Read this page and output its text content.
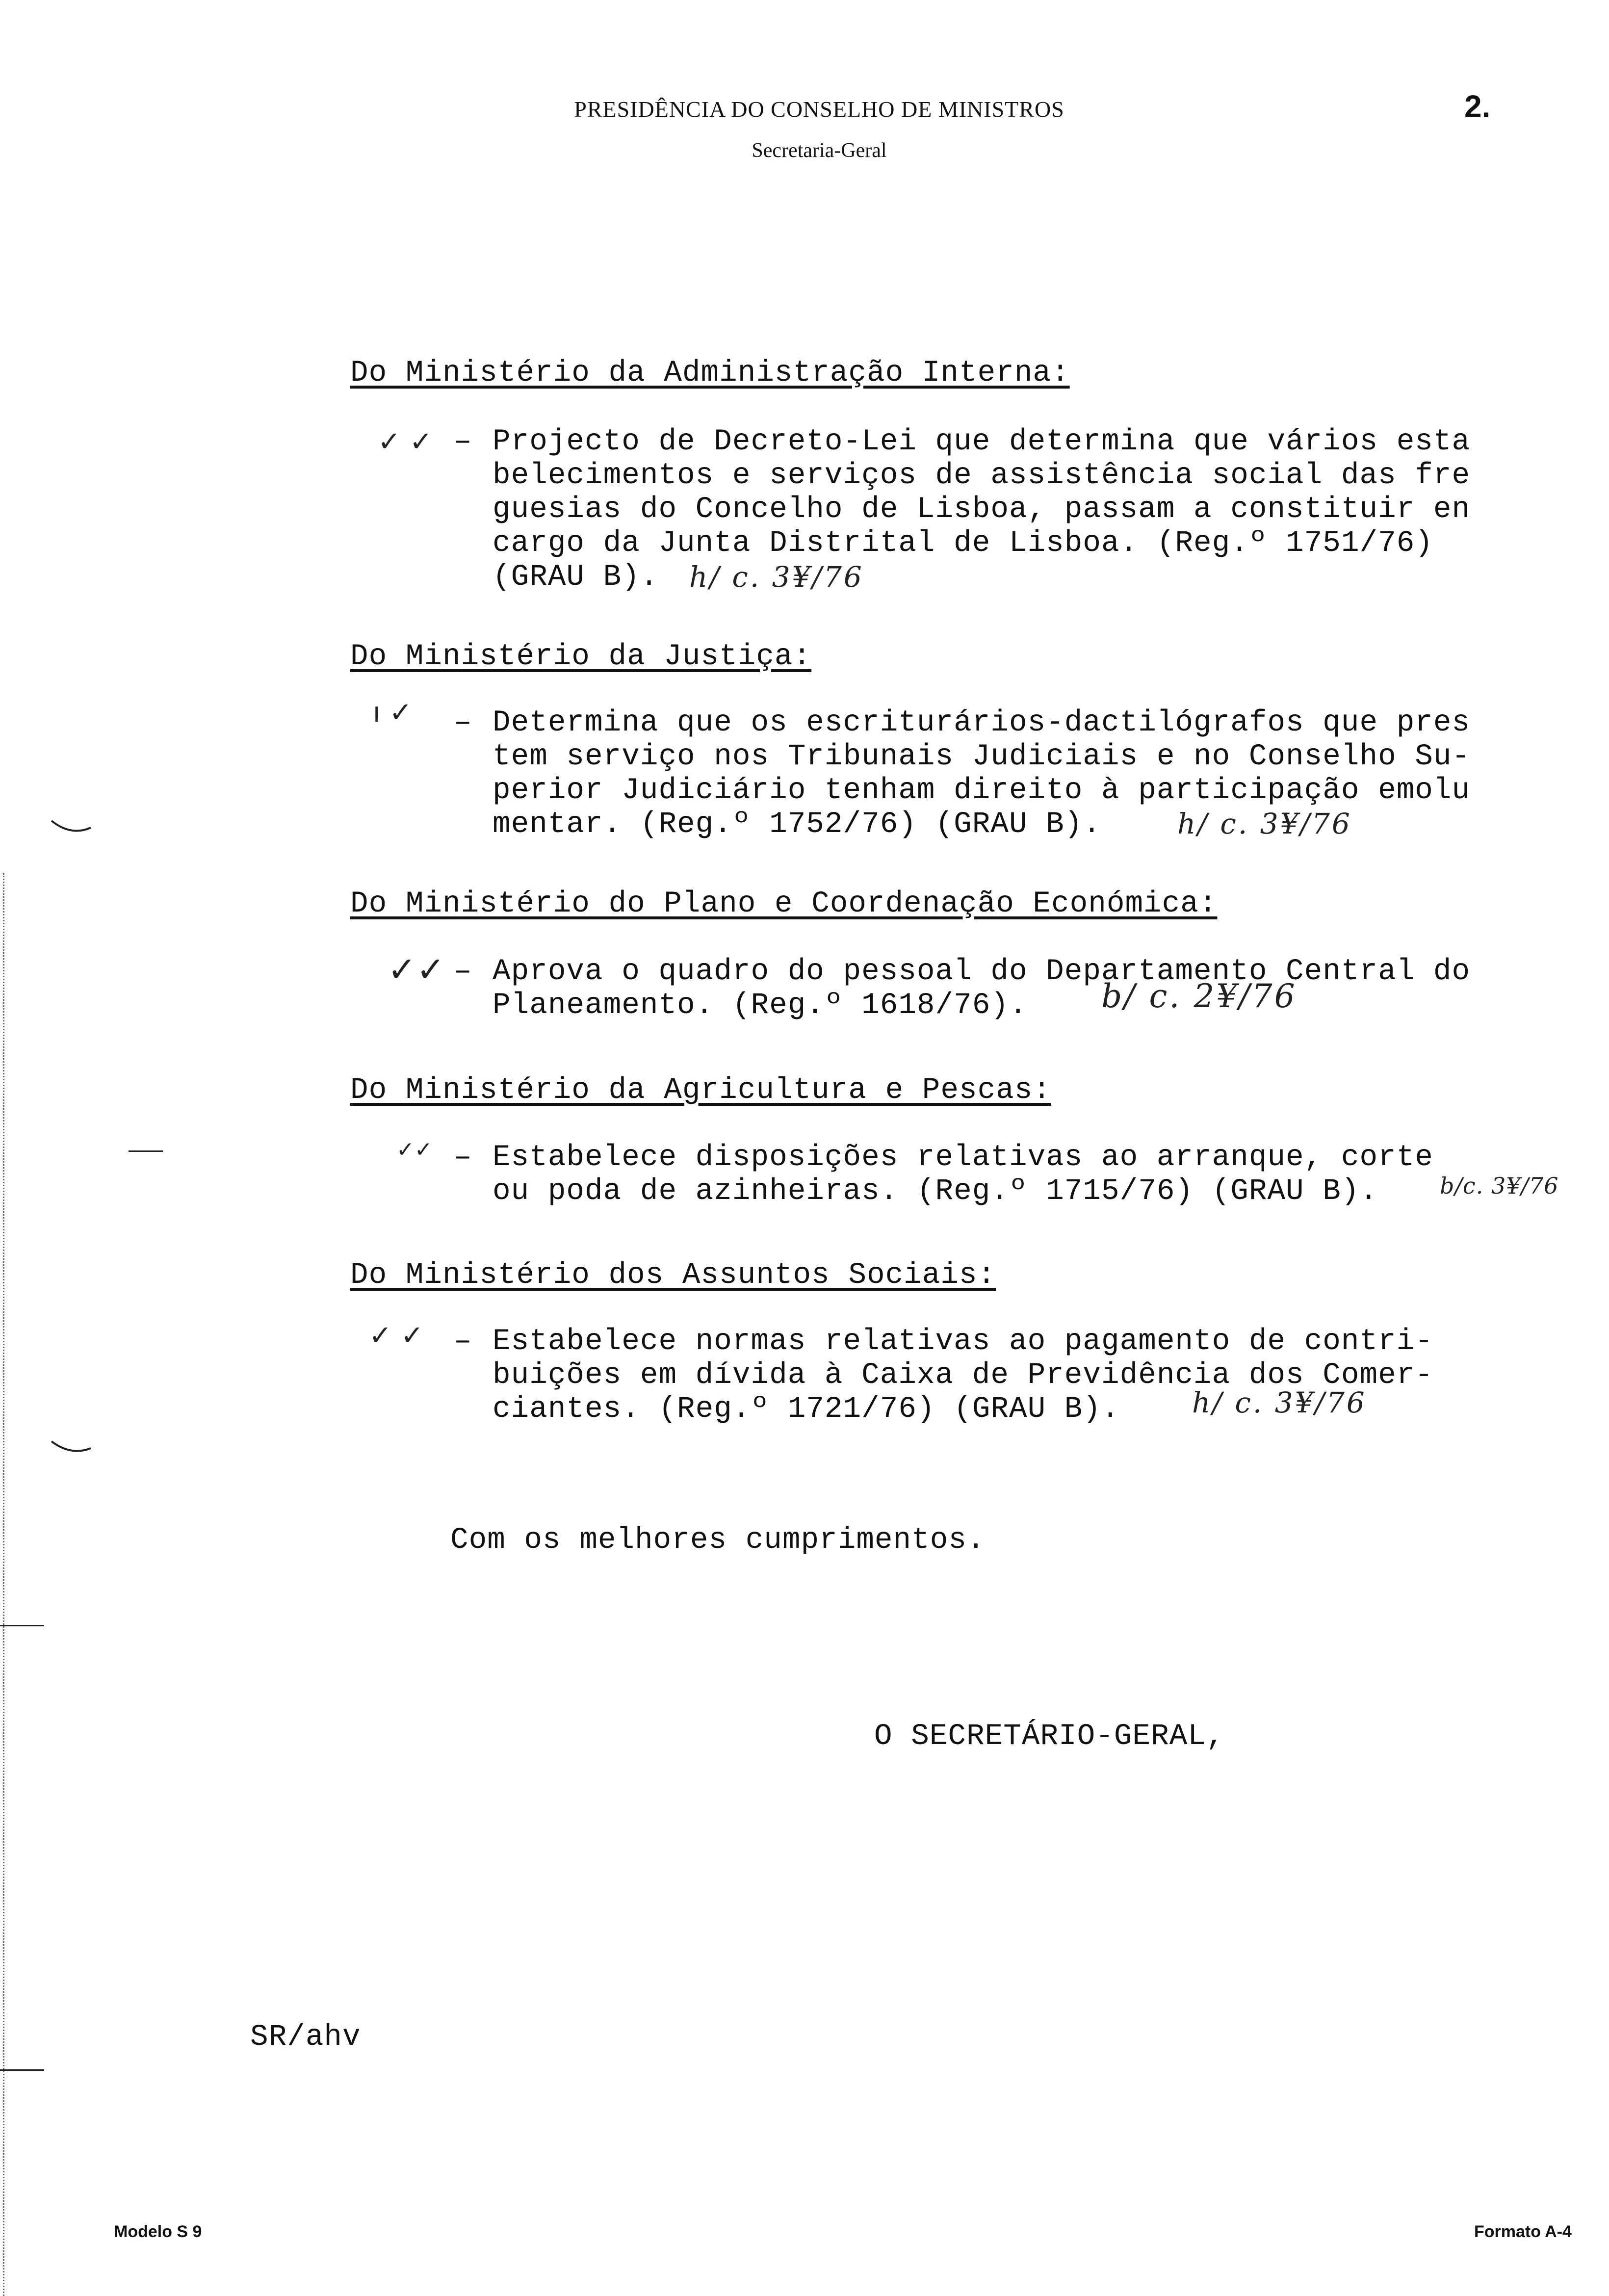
PRESIDÊNCIA DO CONSELHO DE MINISTROS
Secretaria-Geral
2.
Do Ministério da Administração Interna:
✓ ✓ – Projecto de Decreto-Lei que determina que vários esta
belecimentos e serviços de assistência social das fre
guesias do Concelho de Lisboa, passam a constituir en
cargo da Junta Distrital de Lisboa. (Reg.º 1751/76)
(GRAU B).	h/ c. 3¥/76
Do Ministério da Justiça:
ı ✓ – Determina que os escriturários-dactilógrafos que pres
tem serviço nos Tribunais Judiciais e no Conselho Su-
perior Judiciário tenham direito à participação emolu
mentar. (Reg.º 1752/76) (GRAU B).	h/ c. 3¥/76
Do Ministério do Plano e Coordenação Económica:
✓✓ – Aprova o quadro do pessoal do Departamento Central do
Planeamento. (Reg.º 1618/76).	b/ c. 2¥/76
Do Ministério da Agricultura e Pescas:
✓✓ – Estabelece disposições relativas ao arranque, corte
ou poda de azinheiras. (Reg.º 1715/76) (GRAU B).	b/c. 3¥/76
Do Ministério dos Assuntos Sociais:
✓ ✓ – Estabelece normas relativas ao pagamento de contri-
buições em dívida à Caixa de Previdência dos Comer-
ciantes. (Reg.º 1721/76) (GRAU B).	h/ c. 3¥/76
Com os melhores cumprimentos.
O SECRETÁRIO-GERAL,
SR/ahv
Modelo S 9	Formato A-4
